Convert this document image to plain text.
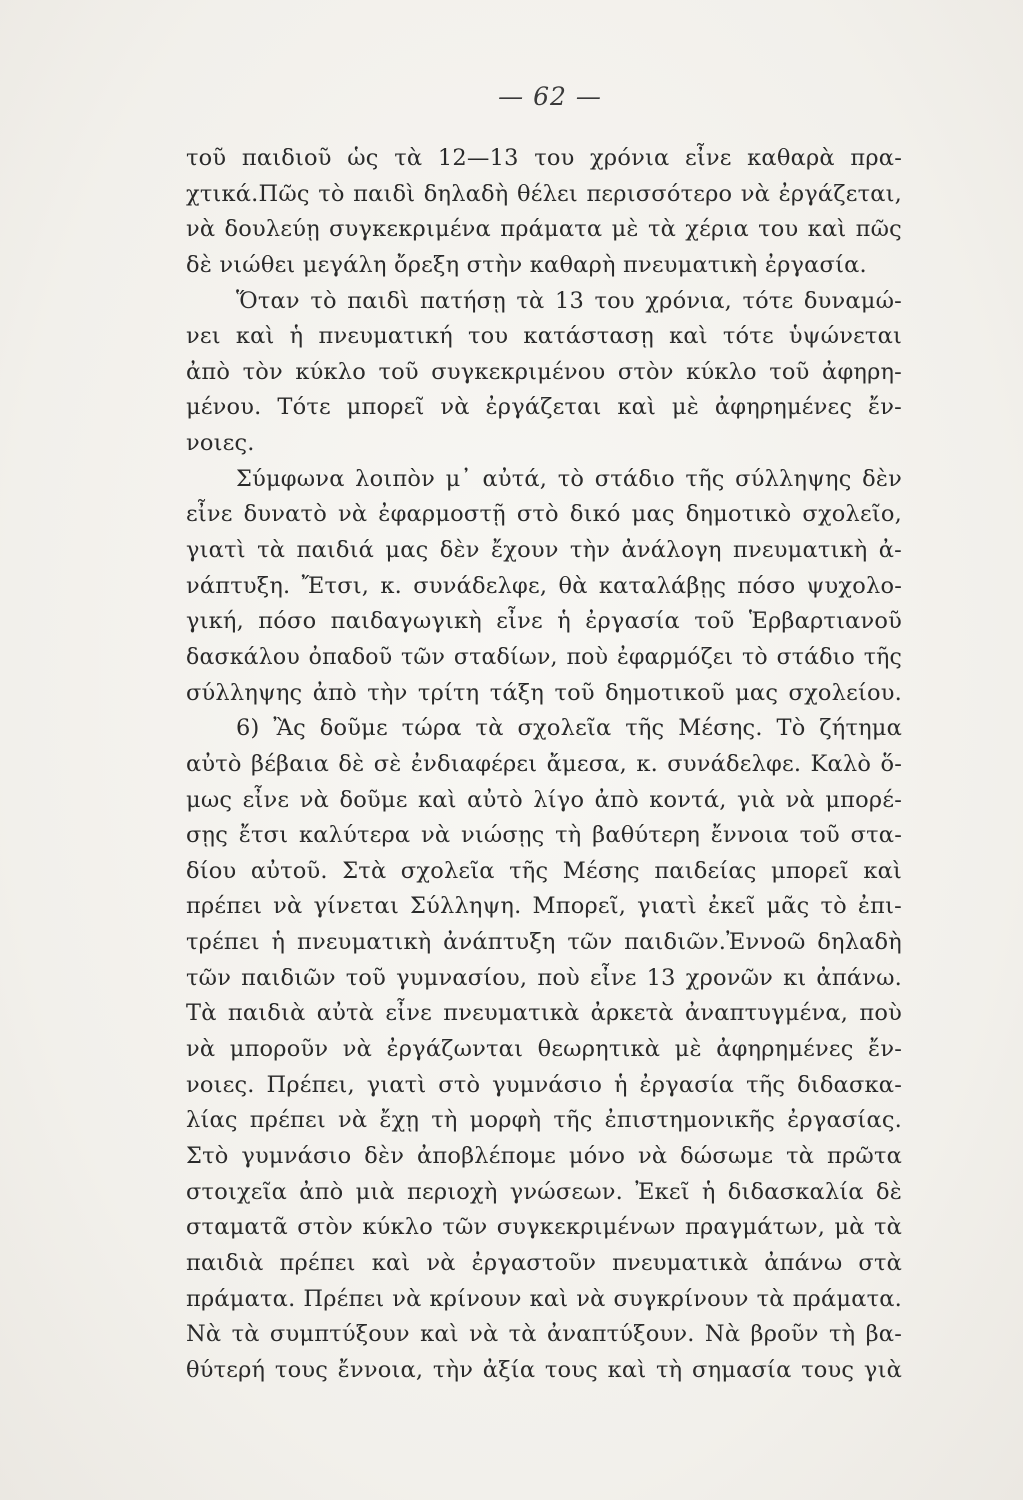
— 62 —
τοῦ παιδιοῦ ὡς τὰ 12—13 του χρόνια εἶνε καθαρὰ πρα-
χτικά.Πῶς τὸ παιδὶ δηλαδὴ θέλει περισσότερο νὰ ἐργάζεται,
νὰ δουλεύῃ συγκεκριμένα πράματα μὲ τὰ χέρια του καὶ πῶς
δὲ νιώθει μεγάλη ὄρεξη στὴν καθαρὴ πνευματικὴ ἐργασία.
Ὅταν τὸ παιδὶ πατήσῃ τὰ 13 του χρόνια, τότε δυναμώ-
νει καὶ ἡ πνευματική του κατάστασῃ καὶ τότε ὑψώνεται
ἀπὸ τὸν κύκλο τοῦ συγκεκριμένου στὸν κύκλο τοῦ ἀφηρη-
μένου. Τότε μπορεῖ νὰ ἐργάζεται καὶ μὲ ἀφηρημένες ἔν-
νοιες.
Σύμφωνα λοιπὸν μ᾿ αὐτά, τὸ στάδιο τῆς σύλληψης δὲν
εἶνε δυνατὸ νὰ ἐφαρμοστῇ στὸ δικό μας δημοτικὸ σχολεῖο,
γιατὶ τὰ παιδιά μας δὲν ἔχουν τὴν ἀνάλογη πνευματικὴ ἀ-
νάπτυξη. Ἔτσι, κ. συνάδελφε, θὰ καταλάβῃς πόσο ψυχολο-
γική, πόσο παιδαγωγικὴ εἶνε ἡ ἐργασία τοῦ Ἑρβαρτιανοῦ
δασκάλου ὀπαδοῦ τῶν σταδίων, ποὺ ἐφαρμόζει τὸ στάδιο τῆς
σύλληψης ἀπὸ τὴν τρίτη τάξη τοῦ δημοτικοῦ μας σχολείου.
6) Ἂς δοῦμε τώρα τὰ σχολεῖα τῆς Μέσης. Τὸ ζήτημα
αὐτὸ βέβαια δὲ σὲ ἐνδιαφέρει ἄμεσα, κ. συνάδελφε. Καλὸ ὅ-
μως εἶνε νὰ δοῦμε καὶ αὐτὸ λίγο ἀπὸ κοντά, γιὰ νὰ μπορέ-
σῃς ἔτσι καλύτερα νὰ νιώσῃς τὴ βαθύτερη ἔννοια τοῦ στα-
δίου αὐτοῦ. Στὰ σχολεῖα τῆς Μέσης παιδείας μπορεῖ καὶ
πρέπει νὰ γίνεται Σύλληψη. Μπορεῖ, γιατὶ ἐκεῖ μᾶς τὸ ἐπι-
τρέπει ἡ πνευματικὴ ἀνάπτυξη τῶν παιδιῶν.Ἐννοῶ δηλαδὴ
τῶν παιδιῶν τοῦ γυμνασίου, ποὺ εἶνε 13 χρονῶν κι ἀπάνω.
Τὰ παιδιὰ αὐτὰ εἶνε πνευματικὰ ἀρκετὰ ἀναπτυγμένα, ποὺ
νὰ μποροῦν νὰ ἐργάζωνται θεωρητικὰ μὲ ἀφηρημένες ἔν-
νοιες. Πρέπει, γιατὶ στὸ γυμνάσιο ἡ ἐργασία τῆς διδασκα-
λίας πρέπει νὰ ἔχῃ τὴ μορφὴ τῆς ἐπιστημονικῆς ἐργασίας.
Στὸ γυμνάσιο δὲν ἀποβλέπομε μόνο νὰ δώσωμε τὰ πρῶτα
στοιχεῖα ἀπὸ μιὰ περιοχὴ γνώσεων. Ἐκεῖ ἡ διδασκαλία δὲ
σταματᾶ στὸν κύκλο τῶν συγκεκριμένων πραγμάτων, μὰ τὰ
παιδιὰ πρέπει καὶ νὰ ἐργαστοῦν πνευματικὰ ἀπάνω στὰ
πράματα. Πρέπει νὰ κρίνουν καὶ νὰ συγκρίνουν τὰ πράματα.
Νὰ τὰ συμπτύξουν καὶ νὰ τὰ ἀναπτύξουν. Νὰ βροῦν τὴ βα-
θύτερή τους ἔννοια, τὴν ἀξία τους καὶ τὴ σημασία τους γιὰ
